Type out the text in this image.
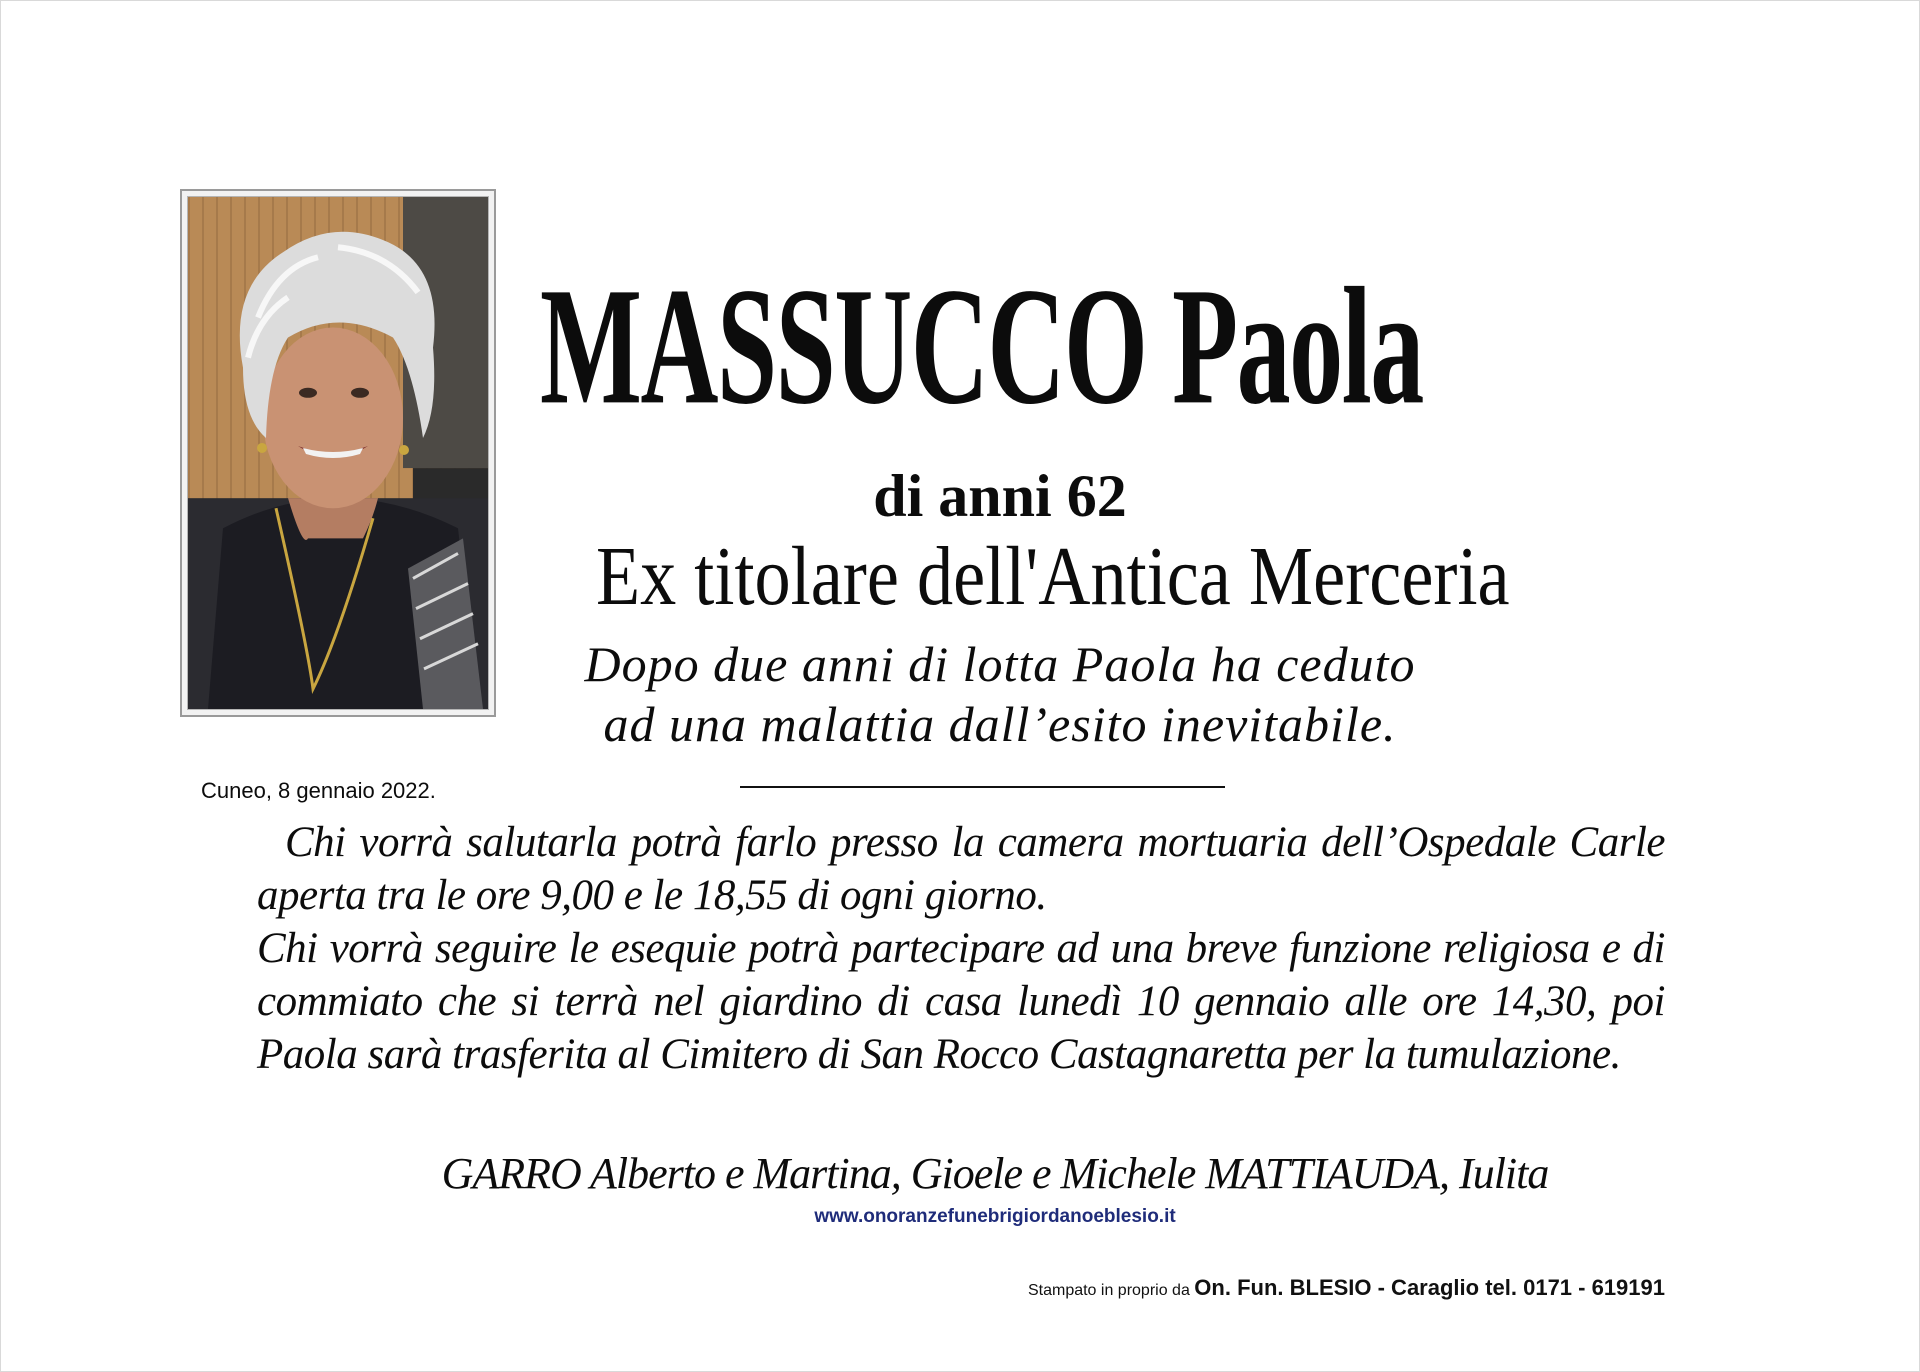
MASSUCCO Paola
di anni 62
Ex titolare dell'Antica Merceria
Dopo due anni di lotta Paola ha ceduto
ad una malattia dall’esito inevitabile.
Cuneo, 8 gennaio 2022.

Chi vorrà salutarla potrà farlo presso la camera mortuaria dell’Ospedale Carle aperta tra le ore 9,00 e le 18,55 di ogni giorno.

Chi vorrà seguire le esequie potrà partecipare ad una breve funzione religiosa e di commiato che si terrà nel giardino di casa lunedì 10 gennaio alle ore 14,30, poi Paola sarà trasferita al Cimitero di San Rocco Castagnaretta per la tumulazione.

GARRO Alberto e Martina, Gioele e Michele MATTIAUDA, Iulita
www.onoranzefunebrigiordanoeblesio.it
Stampato in proprio da On. Fun. BLESIO - Caraglio tel. 0171 - 619191
